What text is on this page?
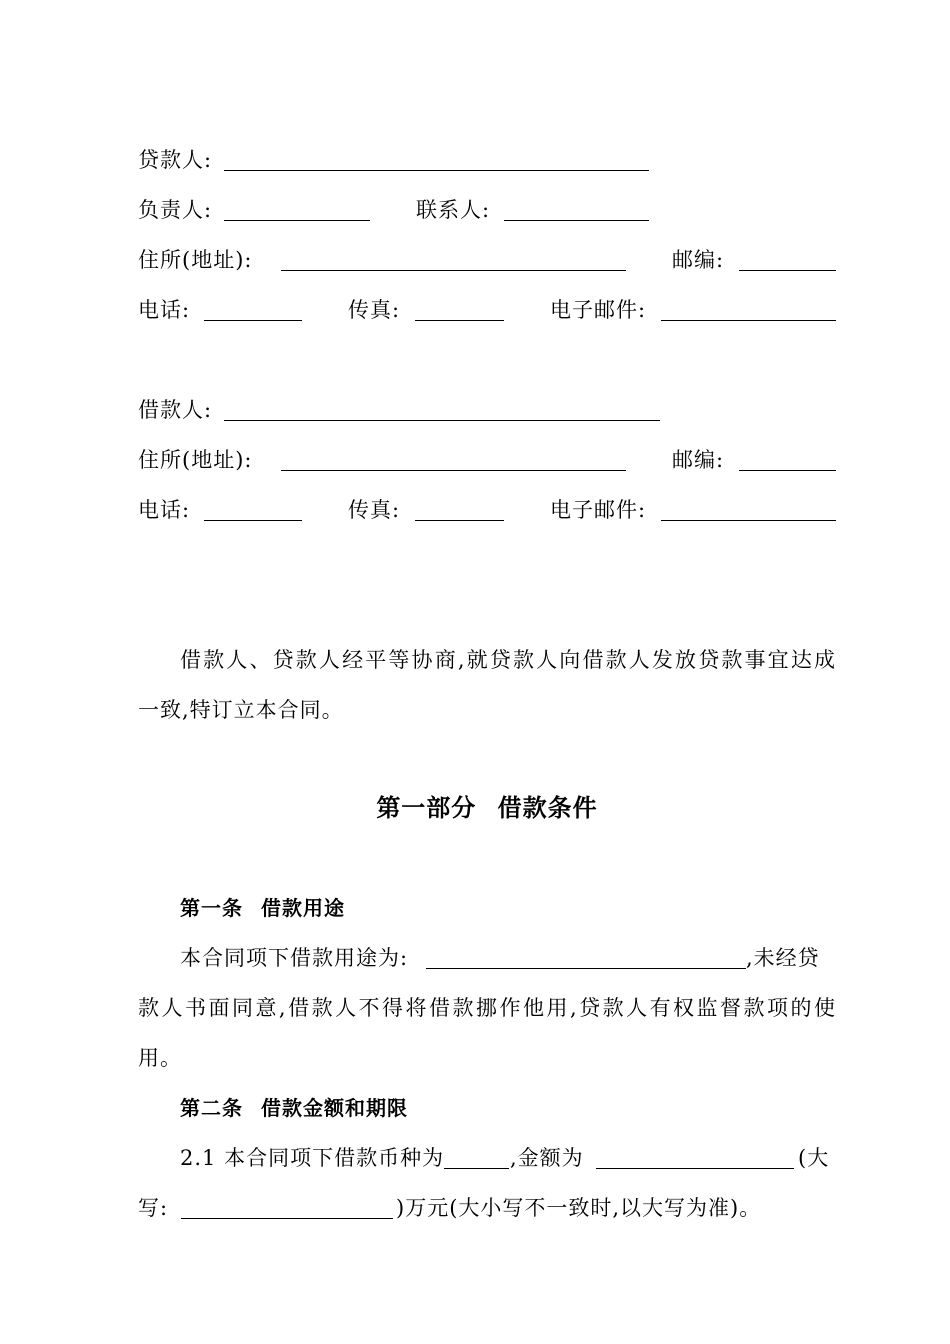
贷款人:
负责人:	联系人:
住所(地址):	邮编:
电话:	传真:	电子邮件:
借款人:
住所(地址):	邮编:
电话:	传真:	电子邮件:
借款人、贷款人经平等协商,就贷款人向借款人发放贷款事宜达成
一致,特订立本合同。
第一部分 借款条件
第一条 借款用途
本合同项下借款用途为:	,未经贷
款人书面同意,借款人不得将借款挪作他用,贷款人有权监督款项的使
用。
第二条 借款金额和期限
2.1 本合同项下借款币种为	,金额为	(大
写:	)万元(大小写不一致时,以大写为准)。
